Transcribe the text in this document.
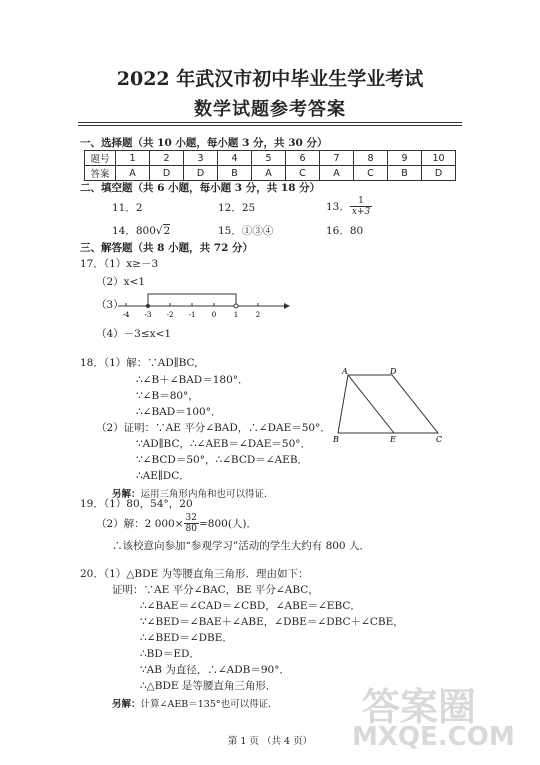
2022 年武汉市初中毕业生学业考试
数学试题参考答案
一、选择题（共 10 小题，每小题 3 分，共 30 分）
题号	1	2	3	4	5	6	7	8	9	10
答案	A	D	D	B	A	C	A	C	B	D
二、填空题（共 6 小题，每小题 3 分，共 18 分）
11．2	12．25	13． $\frac{1}{x+3}$
14．800√2	15．①③④	16．80
三、解答题（共 8 小题，共 72 分）
17．（1）x≥－3
（2）x<1
（3）
-4 -3 -2 -1 0	1	2
（4）－3≤x<1
18．（1）解：∵AD∥BC,
∴∠B＋∠BAD＝180°．
∵∠B＝80°，
∴∠BAD＝100°．
（2）证明：∵AE 平分∠BAD，∴∠DAE＝50°．
∵AD∥BC，∴∠AEB＝∠DAE＝50°．
∵∠BCD＝50°，∴∠BCD＝∠AEB．
∴AE∥DC．
另解：运用三角形内角和也可以得证．
A	D
B	E	C
19．（1）80，54°，20
（2）解：2 $000\times \frac{32}{80} =800$(人)．
∴该校意向参加“参观学习”活动的学生大约有 800 人．
20．（1）△BDE 为等腰直角三角形．理由如下：
证明：∵AE 平分∠BAC，BE 平分∠ABC，
∴∠BAE＝∠CAD＝∠CBD，∠ABE＝∠EBC．
∵∠BED＝∠BAE＋∠ABE，∠DBE＝∠DBC＋∠CBE，
∴∠BED＝∠DBE．
∴BD＝ED．
∵AB 为直径，∴∠ADB＝90°．
∴△BDE 是等腰直角三角形．
另解：计算∠AEB＝135°也可以得证． 答案圈
MXQE.COM
第 1 页 （共 4 页）
